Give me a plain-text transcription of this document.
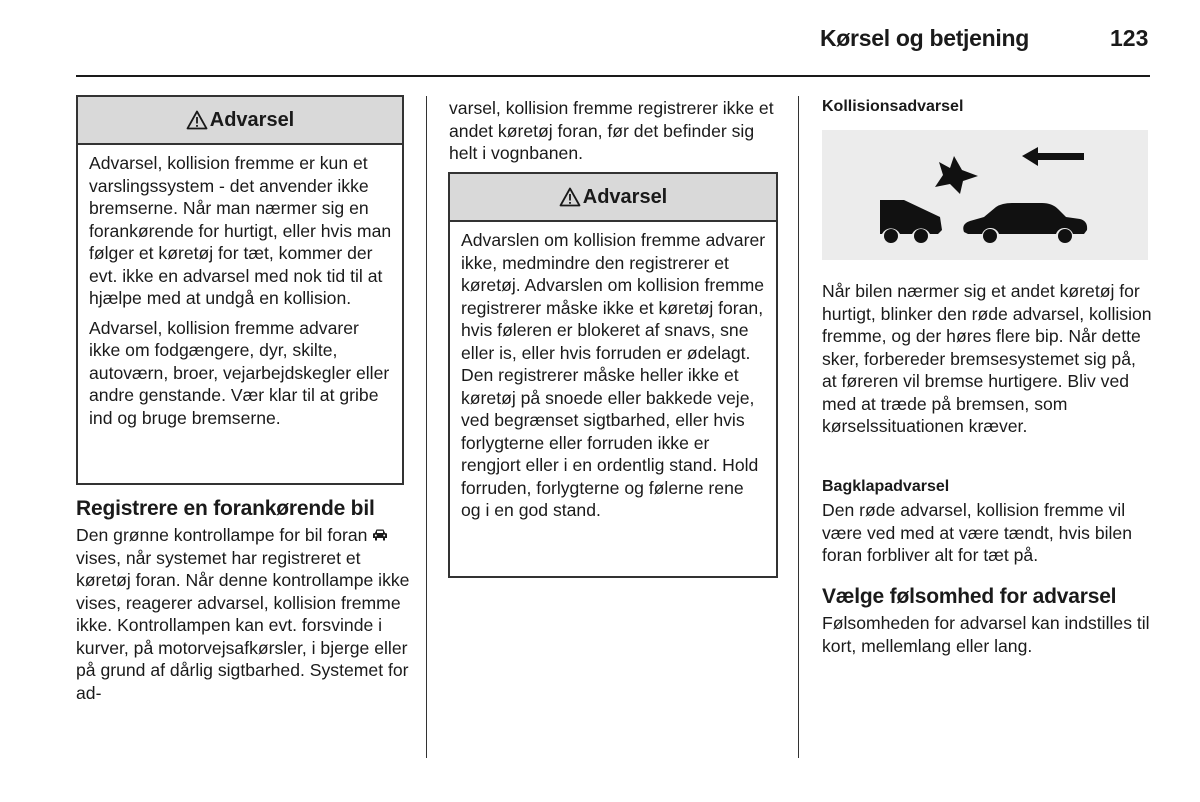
Kørsel og betjening	123
Advarsel

Advarsel, kollision fremme er kun et varslingssystem - det anvender ikke bremserne. Når man nærmer sig en forankørende for hurtigt, eller hvis man følger et køretøj for tæt, kommer der evt. ikke en advarsel med nok tid til at hjælpe med at undgå en kollision.

Advarsel, kollision fremme advarer ikke om fodgængere, dyr, skilte, autoværn, broer, vejarbejdskegler eller andre genstande. Vær klar til at gribe ind og bruge bremserne.

Registrere en forankørende bil
Den grønne kontrollampe for bil foran  vises, når systemet har registreret et køretøj foran. Når denne kontrollampe ikke vises, reagerer advarsel, kollision fremme ikke. Kontrollampen kan evt. forsvinde i kurver, på motorvejsafkørsler, i bjerge eller på grund af dårlig sigtbarhed. Systemet for ad-
varsel, kollision fremme registrerer ikke et andet køretøj foran, før det befinder sig helt i vognbanen.
Advarsel

Advarslen om kollision fremme advarer ikke, medmindre den registrerer et køretøj. Advarslen om kollision fremme registrerer måske ikke et køretøj foran, hvis føleren er blokeret af snavs, sne eller is, eller hvis forruden er ødelagt. Den registrerer måske heller ikke et køretøj på snoede eller bakkede veje, ved begrænset sigtbarhed, eller hvis forlygterne eller forruden ikke er rengjort eller i en ordentlig stand. Hold forruden, forlygterne og følerne rene og i en god stand.

Kollisionsadvarsel
Når bilen nærmer sig et andet køretøj for hurtigt, blinker den røde advarsel, kollision fremme, og der høres flere bip. Når dette sker, forbereder bremsesystemet sig på, at føreren vil bremse hurtigere. Bliv ved med at træde på bremsen, som kørselssituationen kræver.
Bagklapadvarsel
Den røde advarsel, kollision fremme vil være ved med at være tændt, hvis bilen foran forbliver alt for tæt på.
Vælge følsomhed for advarsel
Følsomheden for advarsel kan indstilles til kort, mellemlang eller lang.
